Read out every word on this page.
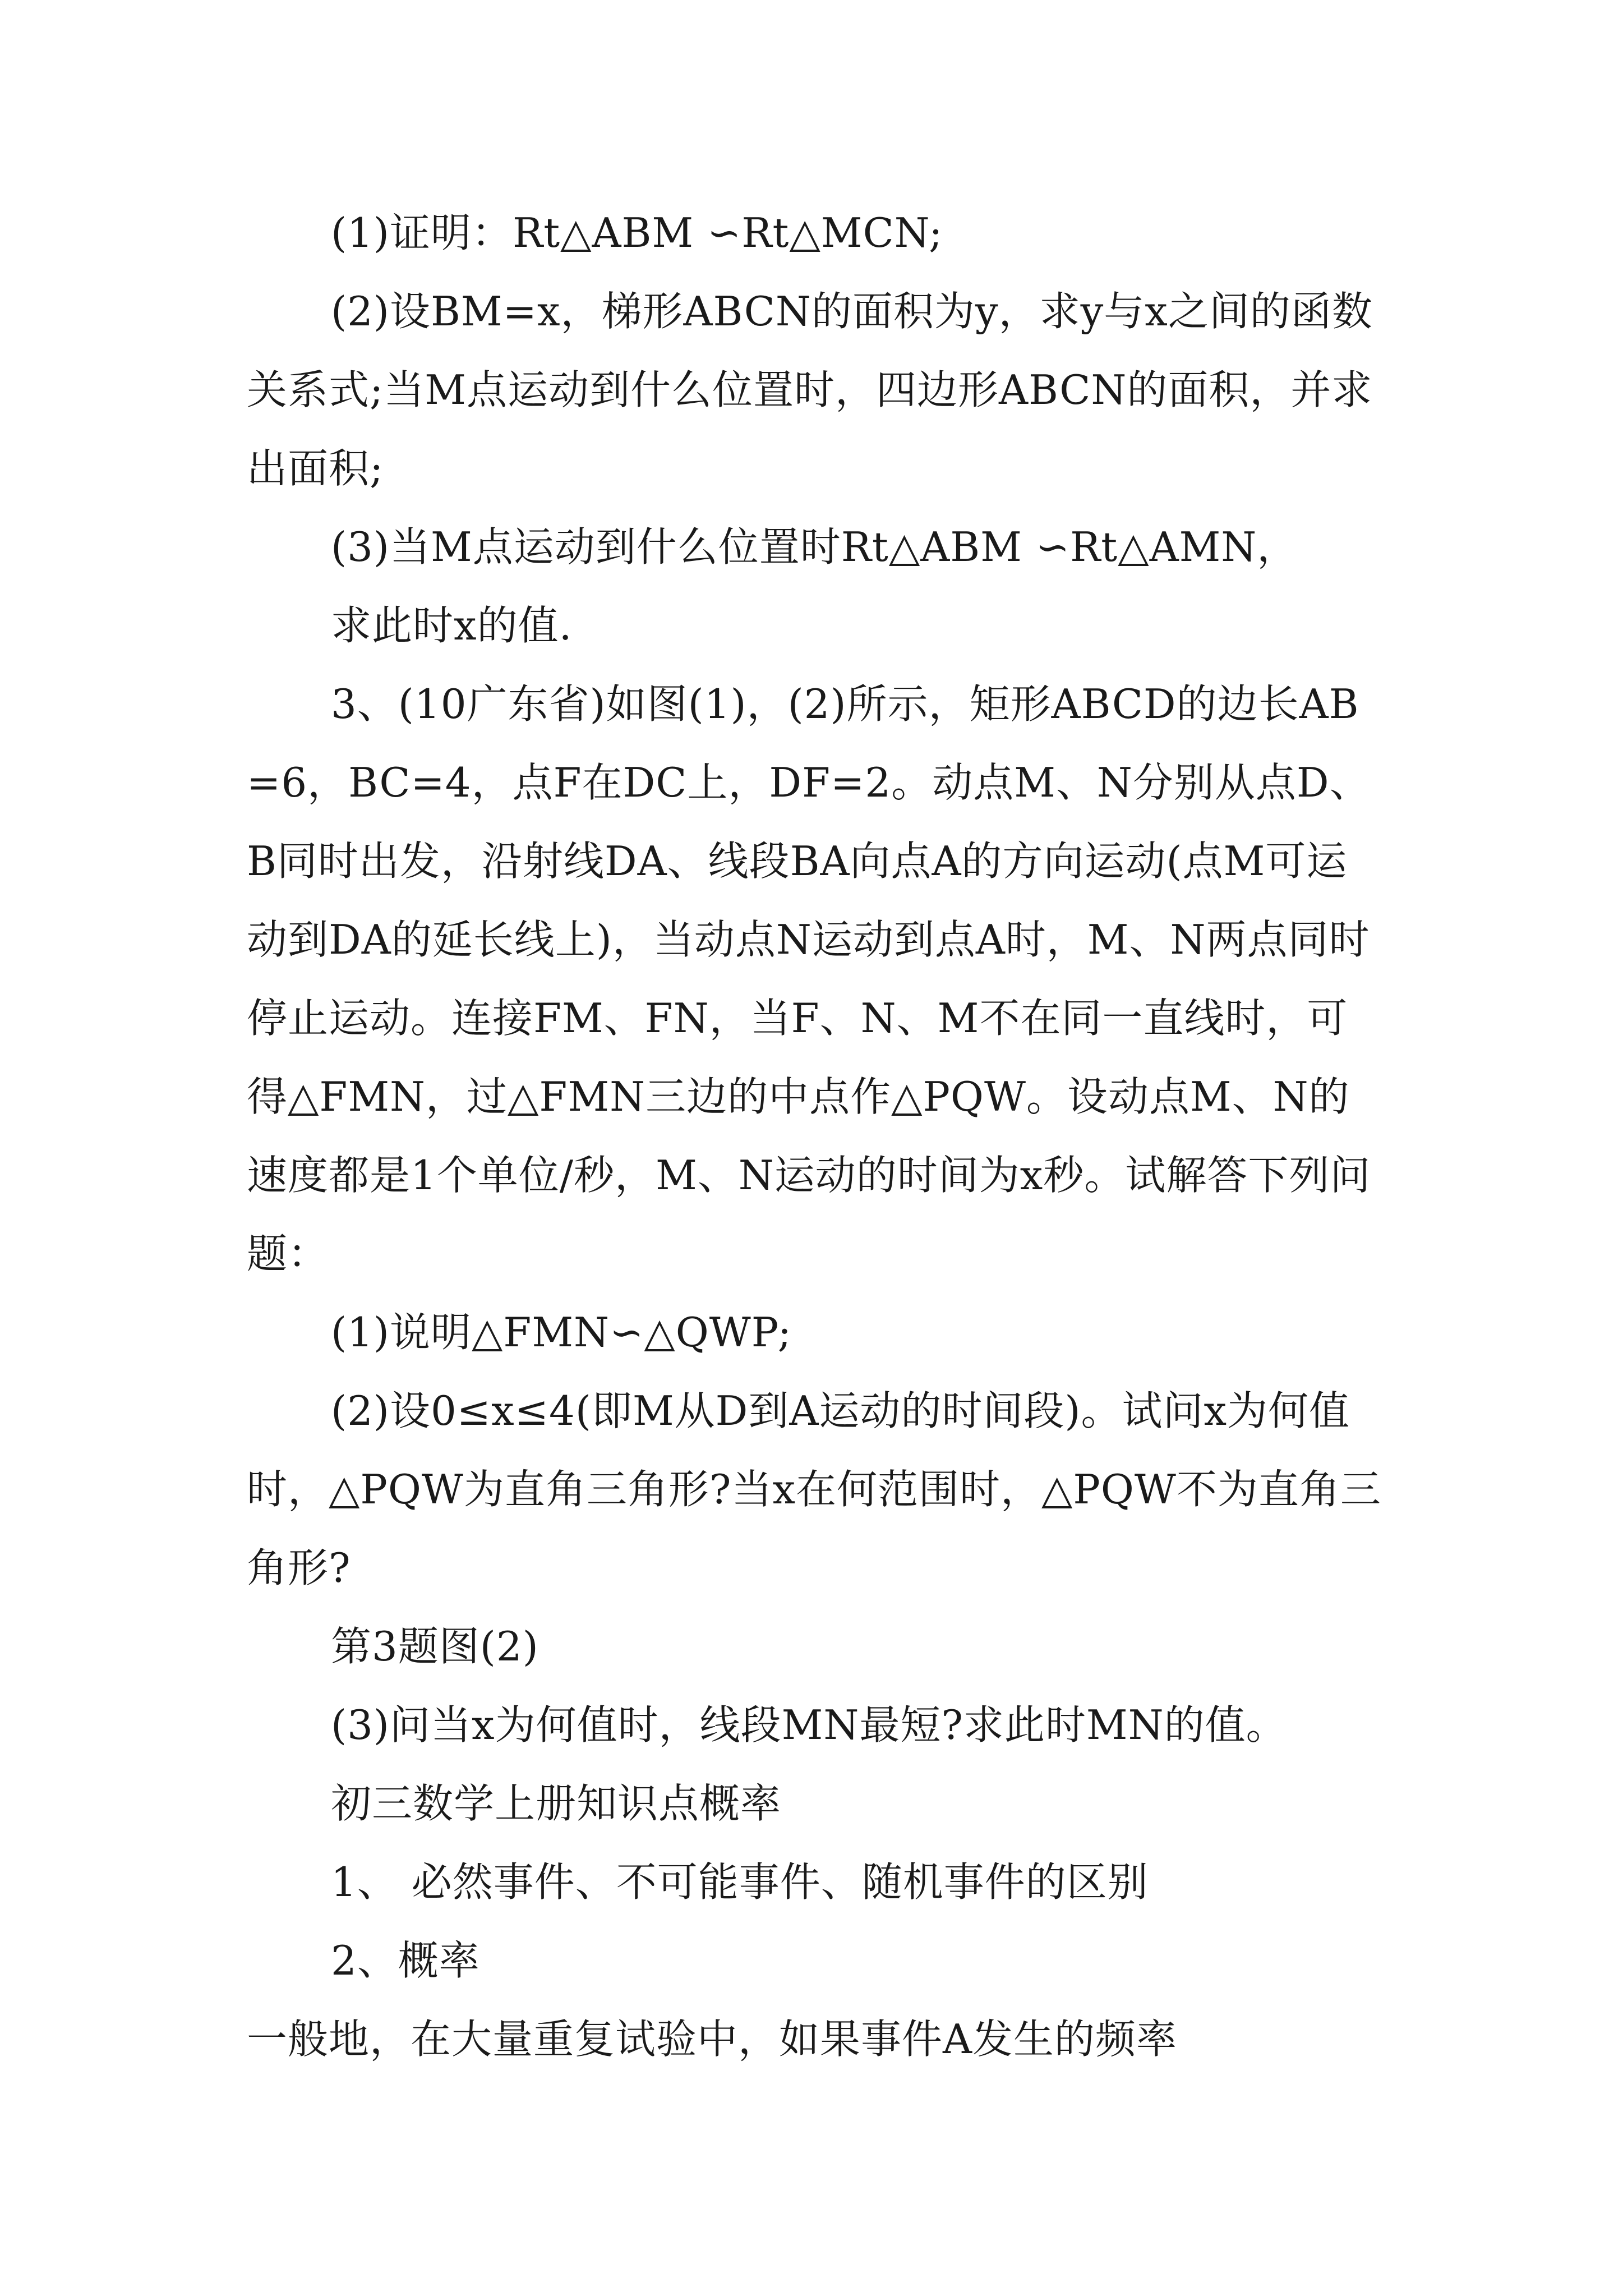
(1)证明：Rt△ABM ∽Rt△MCN;

(2)设BM=x，梯形ABCN的面积为y，求y与x之间的函数关系式;当M点运动到什么位置时，四边形ABCN的面积，并求出面积;

(3)当M点运动到什么位置时Rt△ABM ∽Rt△AMN，

求此时x的值.

3、(10广东省)如图(1)，(2)所示，矩形ABCD的边长AB=6，BC=4，点F在DC上，DF=2。动点M、N分别从点D、B同时出发，沿射线DA、线段BA向点A的方向运动(点M可运动到DA的延长线上)，当动点N运动到点A时，M、N两点同时停止运动。连接FM、FN，当F、N、M不在同一直线时，可得△FMN，过△FMN三边的中点作△PQW。设动点M、N的速度都是1个单位/秒，M、N运动的时间为x秒。试解答下列问题：

(1)说明△FMN∽△QWP;

(2)设0≤x≤4(即M从D到A运动的时间段)。试问x为何值时，△PQW为直角三角形?当x在何范围时，△PQW不为直角三角形?

第3题图(2)

(3)问当x为何值时，线段MN最短?求此时MN的值。

初三数学上册知识点概率

1、 必然事件、不可能事件、随机事件的区别

2、概率

一般地，在大量重复试验中，如果事件A发生的频率
